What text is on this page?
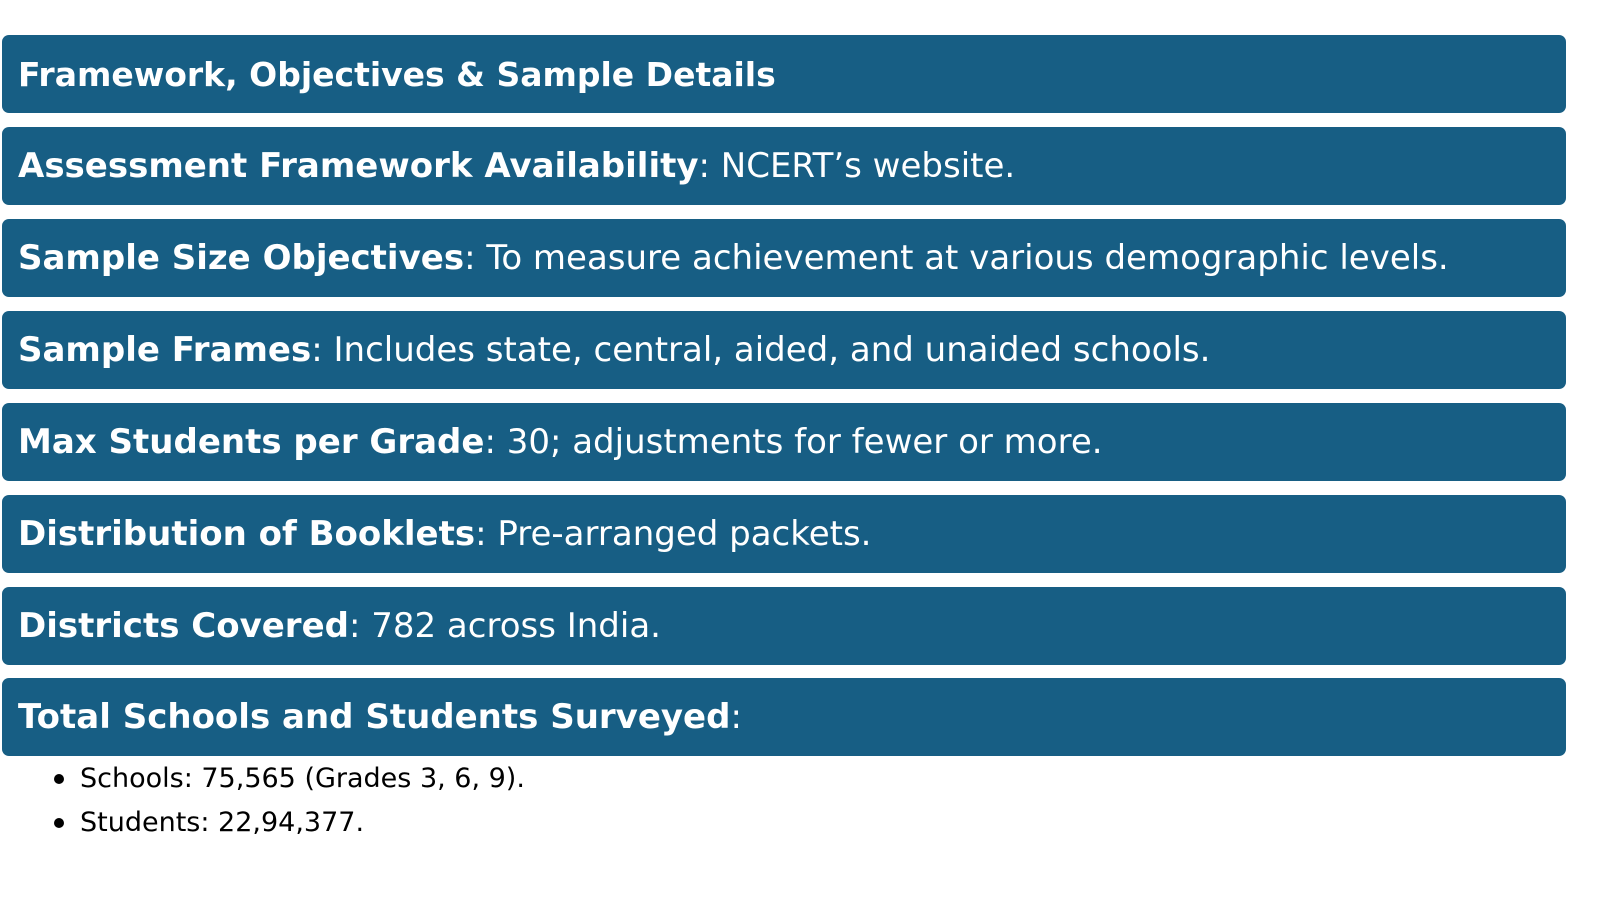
Framework, Objectives & Sample Details
Assessment Framework Availability: NCERT’s website.
Sample Size Objectives: To measure achievement at various demographic levels.
Sample Frames: Includes state, central, aided, and unaided schools.
Max Students per Grade: 30; adjustments for fewer or more.
Distribution of Booklets: Pre-arranged packets.
Districts Covered: 782 across India.
Total Schools and Students Surveyed:
Schools: 75,565 (Grades 3, 6, 9).
Students: 22,94,377.
